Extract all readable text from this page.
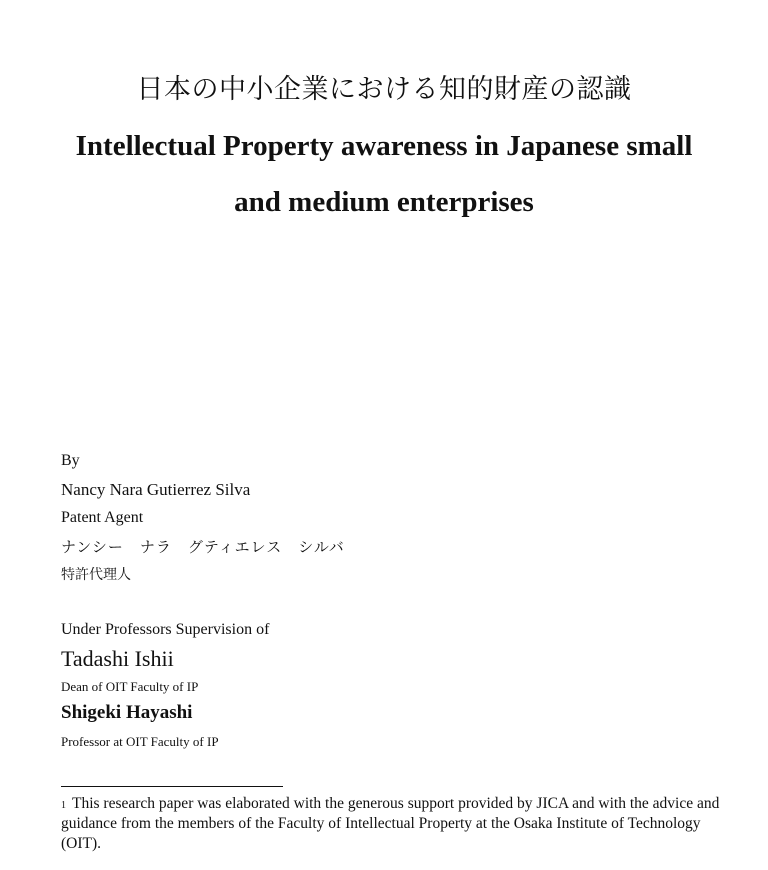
日本の中小企業における知的財産の認識
Intellectual Property awareness in Japanese small
and medium enterprises
By
Nancy Nara Gutierrez Silva
Patent Agent
ナンシー　ナラ　グティエレス　シルバ
特許代理人
Under Professors Supervision of
Tadashi Ishii
Dean of OIT Faculty of IP
Shigeki Hayashi
Professor at OIT Faculty of IP
$^1$ This research paper was elaborated with the generous support provided by JICA and with the advice and guidance from the members of the Faculty of Intellectual Property at the Osaka Institute of Technology (OIT).
